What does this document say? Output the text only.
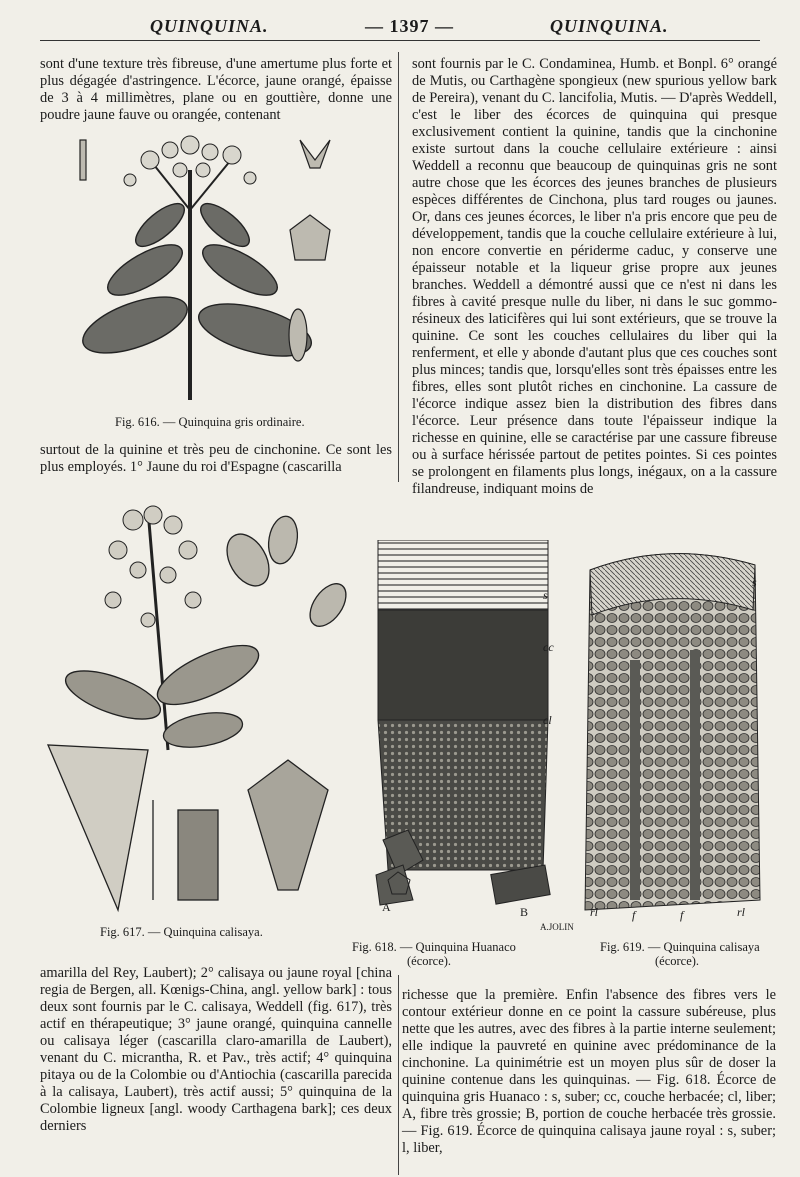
QUINQUINA.	— 1397 —	QUINQUINA.

sont d'une texture très fibreuse, d'une amertume plus forte et plus dégagée d'astringence. L'écorce, jaune orangé, épaisse de 3 à 4 millimètres, plane ou en gouttière, donne une poudre jaune fauve ou orangée, contenant

Fig. 616. — Quinquina gris ordinaire.

sont fournis par le C. Condaminea, Humb. et Bonpl. 6° orangé de Mutis, ou Carthagène spongieux (new spurious yellow bark de Pereira), venant du C. lancifolia, Mutis. — D'après Weddell, c'est le liber des écorces de quinquina qui presque exclusivement contient la quinine, tandis que la cinchonine existe surtout dans la couche cellulaire extérieure : ainsi Weddell a reconnu que beaucoup de quinquinas gris ne sont autre chose que les écorces des jeunes branches de plusieurs espèces différentes de Cinchona, plus tard rouges ou jaunes. Or, dans ces jeunes écorces, le liber n'a pris encore que peu de développement, tandis que la couche cellulaire extérieure à lui, non encore convertie en périderme caduc, y conserve une épaisseur notable et la liqueur grise propre aux jeunes branches. Weddell a démontré aussi que ce n'est ni dans les fibres à cavité presque nulle du liber, ni dans le suc gommo-résineux des laticifères qui lui sont extérieurs, que se trouve la quinine. Ce sont les couches cellulaires du liber qui la renferment, et elle y abonde d'autant plus que ces couches sont plus minces; tandis que, lorsqu'elles sont très épaisses entre les fibres, elles sont plutôt riches en cinchonine. La cassure de l'écorce indique assez bien la distribution des fibres dans l'écorce. Leur présence dans toute l'épaisseur indique la richesse en quinine, elle se caractérise par une cassure fibreuse ou à surface hérissée partout de petites pointes. Si ces pointes se prolongent en filaments plus longs, inégaux, on a la cassure filandreuse, indiquant moins de

surtout de la quinine et très peu de cinchonine. Ce sont les plus employés. 1° Jaune du roi d'Espagne (cascarilla

Fig. 617. — Quinquina calisaya.
s
cc
cl
A	B
Fig. 618. — Quinquina Huanaco
(écorce).
s
rl	f	f	rl
A.JOLIN
Fig. 619. — Quinquina calisaya
(écorce).

amarilla del Rey, Laubert); 2° calisaya ou jaune royal [china regia de Bergen, all. Kœnigs-China, angl. yellow bark] : tous deux sont fournis par le C. calisaya, Weddell (fig. 617), très actif en thérapeutique; 3° jaune orangé, quinquina cannelle ou calisaya léger (cascarilla claro-amarilla de Laubert), venant du C. micrantha, R. et Pav., très actif; 4° quinquina pitaya ou de la Colombie ou d'Antiochia (cascarilla parecida à la calisaya, Laubert), très actif aussi; 5° quinquina de la Colombie ligneux [angl. woody Carthagena bark]; ces deux derniers

richesse que la première. Enfin l'absence des fibres vers le contour extérieur donne en ce point la cassure subéreuse, plus nette que les autres, avec des fibres à la partie interne seulement; elle indique la pauvreté en quinine avec prédominance de la cinchonine. La quinimétrie est un moyen plus sûr de doser la quinine contenue dans les quinquinas. — Fig. 618. Écorce de quinquina gris Huanaco : s, suber; cc, couche herbacée; cl, liber; A, fibre très grossie; B, portion de couche herbacée très grossie. — Fig. 619. Écorce de quinquina calisaya jaune royal : s, suber; l, liber,
